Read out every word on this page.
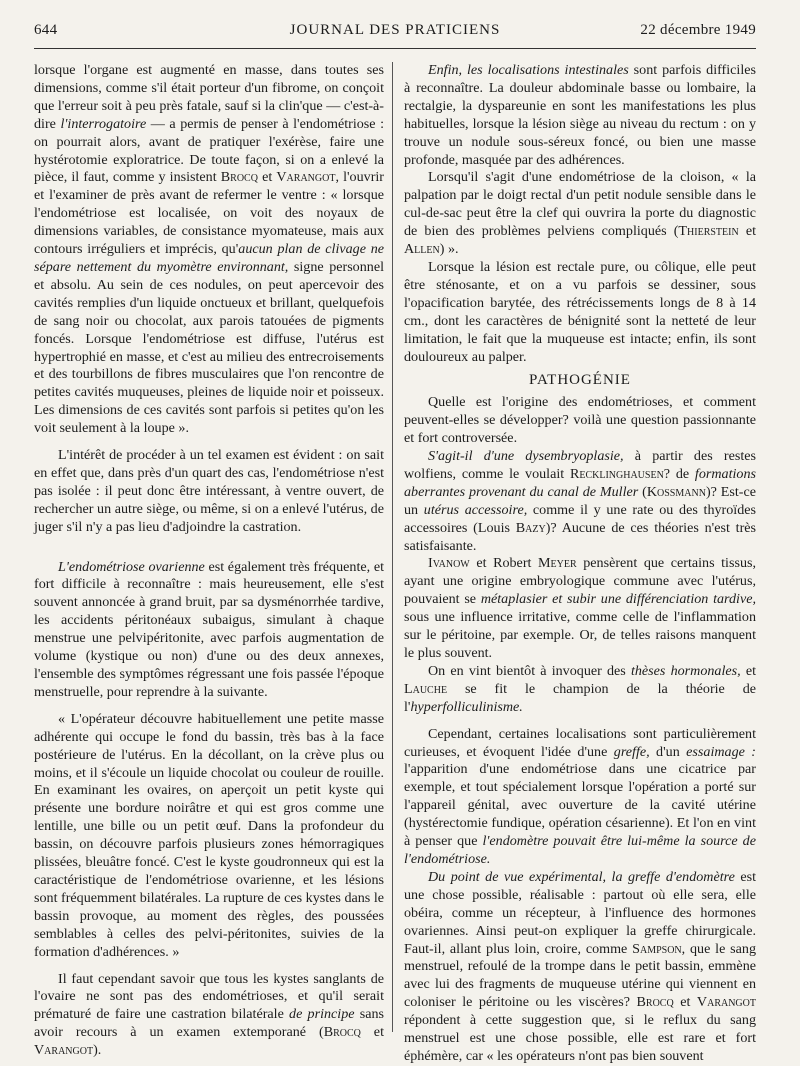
644	JOURNAL DES PRATICIENS	22 décembre 1949

lorsque l'organe est augmenté en masse, dans toutes ses dimensions, comme s'il était porteur d'un fibrome, on conçoit que l'erreur soit à peu près fatale, sauf si la clin'que — c'est-à-dire l'interrogatoire — a permis de penser à l'endométriose : on pourrait alors, avant de pratiquer l'exérèse, faire une hystérotomie exploratrice. De toute façon, si on a enlevé la pièce, il faut, comme y insistent Brocq et Varangot, l'ouvrir et l'examiner de près avant de refermer le ventre : « lorsque l'endométriose est localisée, on voit des noyaux de dimensions variables, de consistance myomateuse, mais aux contours irréguliers et imprécis, qu'aucun plan de clivage ne sépare nettement du myomètre environnant, signe personnel et absolu. Au sein de ces nodules, on peut apercevoir des cavités remplies d'un liquide onctueux et brillant, quelquefois de sang noir ou chocolat, aux parois tatouées de pigments foncés. Lorsque l'endométriose est diffuse, l'utérus est hypertrophié en masse, et c'est au milieu des entrecroisements et des tourbillons de fibres musculaires que l'on rencontre de petites cavités muqueuses, pleines de liquide noir et poisseux. Les dimensions de ces cavités sont parfois si petites qu'on les voit seulement à la loupe ».

L'intérêt de procéder à un tel examen est évident : on sait en effet que, dans près d'un quart des cas, l'endométriose n'est pas isolée : il peut donc être intéressant, à ventre ouvert, de rechercher un autre siège, ou même, si on a enlevé l'utérus, de juger s'il n'y a pas lieu d'adjoindre la castration.

L'endométriose ovarienne est également très fréquente, et fort difficile à reconnaître : mais heureusement, elle s'est souvent annoncée à grand bruit, par sa dysménorrhée tardive, les accidents péritonéaux subaigus, simulant à chaque menstrue une pelvipéritonite, avec parfois augmentation de volume (kystique ou non) d'une ou des deux annexes, l'ensemble des symptômes régressant une fois passée l'époque menstruelle, pour reprendre à la suivante.

« L'opérateur découvre habituellement une petite masse adhérente qui occupe le fond du bassin, très bas à la face postérieure de l'utérus. En la décollant, on la crève plus ou moins, et il s'écoule un liquide chocolat ou couleur de rouille. En examinant les ovaires, on aperçoit un petit kyste qui présente une bordure noirâtre et qui est gros comme une lentille, une bille ou un petit œuf. Dans la profondeur du bassin, on découvre parfois plusieurs zones hémorragiques plissées, bleuâtre foncé. C'est le kyste goudronneux qui est la caractéristique de l'endométriose ovarienne, et les lésions sont fréquemment bilatérales. La rupture de ces kystes dans le bassin provoque, au moment des règles, des poussées semblables à celles des pelvi-péritonites, suivies de la formation d'adhérences. »

Il faut cependant savoir que tous les kystes sanglants de l'ovaire ne sont pas des endométrioses, et qu'il serait prématuré de faire une castration bilatérale de principe sans avoir recours à un examen extemporané (Brocq et Varangot).

Enfin, les localisations intestinales sont parfois difficiles à reconnaître. La douleur abdominale basse ou lombaire, la rectalgie, la dyspareunie en sont les manifestations les plus habituelles, lorsque la lésion siège au niveau du rectum : on y trouve un nodule sous-séreux foncé, ou bien une masse profonde, masquée par des adhérences.

Lorsqu'il s'agit d'une endométriose de la cloison, « la palpation par le doigt rectal d'un petit nodule sensible dans le cul-de-sac peut être la clef qui ouvrira la porte du diagnostic de bien des problèmes pelviens compliqués (Thierstein et Allen) ».

Lorsque la lésion est rectale pure, ou côlique, elle peut être sténosante, et on a vu parfois se dessiner, sous l'opacification barytée, des rétrécissements longs de 8 à 14 cm., dont les caractères de bénignité sont la netteté de leur limitation, le fait que la muqueuse est intacte; enfin, ils sont douloureux au palper.

PATHOGÉNIE

Quelle est l'origine des endométrioses, et comment peuvent-elles se développer? voilà une question passionnante et fort controversée.

S'agit-il d'une dysembryoplasie, à partir des restes wolfiens, comme le voulait Recklinghausen? de formations aberrantes provenant du canal de Muller (Kossmann)? Est-ce un utérus accessoire, comme il y une rate ou des thyroïdes accessoires (Louis Bazy)? Aucune de ces théories n'est très satisfaisante.

Ivanow et Robert Meyer pensèrent que certains tissus, ayant une origine embryologique commune avec l'utérus, pouvaient se métaplasier et subir une différenciation tardive, sous une influence irritative, comme celle de l'inflammation sur le péritoine, par exemple. Or, de telles raisons manquent le plus souvent.

On en vint bientôt à invoquer des thèses hormonales, et Lauche se fit le champion de la théorie de l'hyperfolliculinisme.

Cependant, certaines localisations sont particulièrement curieuses, et évoquent l'idée d'une greffe, d'un essaimage : l'apparition d'une endométriose dans une cicatrice par exemple, et tout spécialement lorsque l'opération a porté sur l'appareil génital, avec ouverture de la cavité utérine (hystérectomie fundique, opération césarienne). Et l'on en vint à penser que l'endomètre pouvait être lui-même la source de l'endométriose.

Du point de vue expérimental, la greffe d'endomètre est une chose possible, réalisable : partout où elle sera, elle obéira, comme un récepteur, à l'influence des hormones ovariennes. Ainsi peut-on expliquer la greffe chirurgicale. Faut-il, allant plus loin, croire, comme Sampson, que le sang menstruel, refoulé de la trompe dans le petit bassin, emmène avec lui des fragments de muqueuse utérine qui viennent en coloniser le péritoine ou les viscères? Brocq et Varangot répondent à cette suggestion que, si le reflux du sang menstruel est une chose possible, elle est rare et fort éphémère, car « les opérateurs n'ont pas bien souvent
